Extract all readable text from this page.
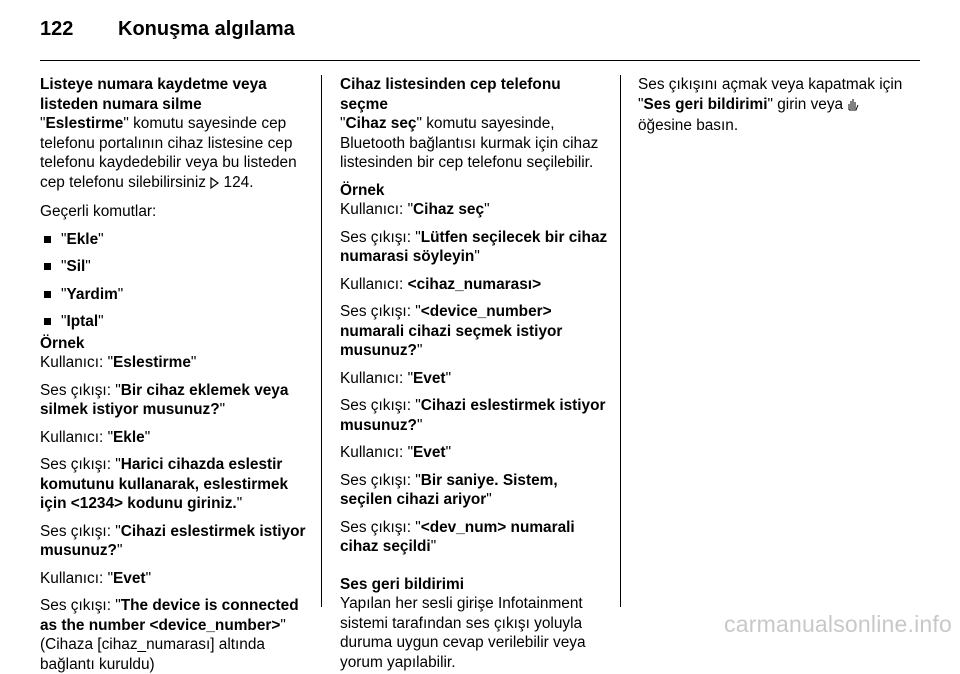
122	Konuşma algılama
Listeye numara kaydetme veya listeden numara silme
"Eslestirme" komutu sayesinde cep telefonu portalının cihaz listesine cep telefonu kaydedebilir veya bu listeden cep telefonu silebilirsiniz  124.
Geçerli komutlar:
"Ekle"
"Sil"
"Yardim"
"Iptal"
Örnek
Kullanıcı: "Eslestirme"
Ses çıkışı: "Bir cihaz eklemek veya silmek istiyor musunuz?"
Kullanıcı: "Ekle"
Ses çıkışı: "Harici cihazda eslestir komutunu kullanarak, eslestirmek için <1234> kodunu giriniz."
Ses çıkışı: "Cihazi eslestirmek istiyor musunuz?"
Kullanıcı: "Evet"
Ses çıkışı: "The device is connected as the number <device_number>"
(Cihaza [cihaz_numarası] altında bağlantı kuruldu)
Cihaz listesinden cep telefonu seçme
"Cihaz seç" komutu sayesinde, Bluetooth bağlantısı kurmak için cihaz listesinden bir cep telefonu seçilebilir.
Örnek
Kullanıcı: "Cihaz seç"
Ses çıkışı: "Lütfen seçilecek bir cihaz numarasi söyleyin"
Kullanıcı: <cihaz_numarası>
Ses çıkışı: "<device_number> numarali cihazi seçmek istiyor musunuz?"
Kullanıcı: "Evet"
Ses çıkışı: "Cihazi eslestirmek istiyor musunuz?"
Kullanıcı: "Evet"
Ses çıkışı: "Bir saniye. Sistem, seçilen cihazi ariyor"
Ses çıkışı: "<dev_num> numarali cihaz seçildi"
Ses geri bildirimi
Yapılan her sesli girişe Infotainment sistemi tarafından ses çıkışı yoluyla duruma uygun cevap verilebilir veya yorum yapılabilir.
Ses çıkışını açmak veya kapatmak için "Ses geri bildirimi" girin veya
öğesine basın.
carmanualsonline.info
